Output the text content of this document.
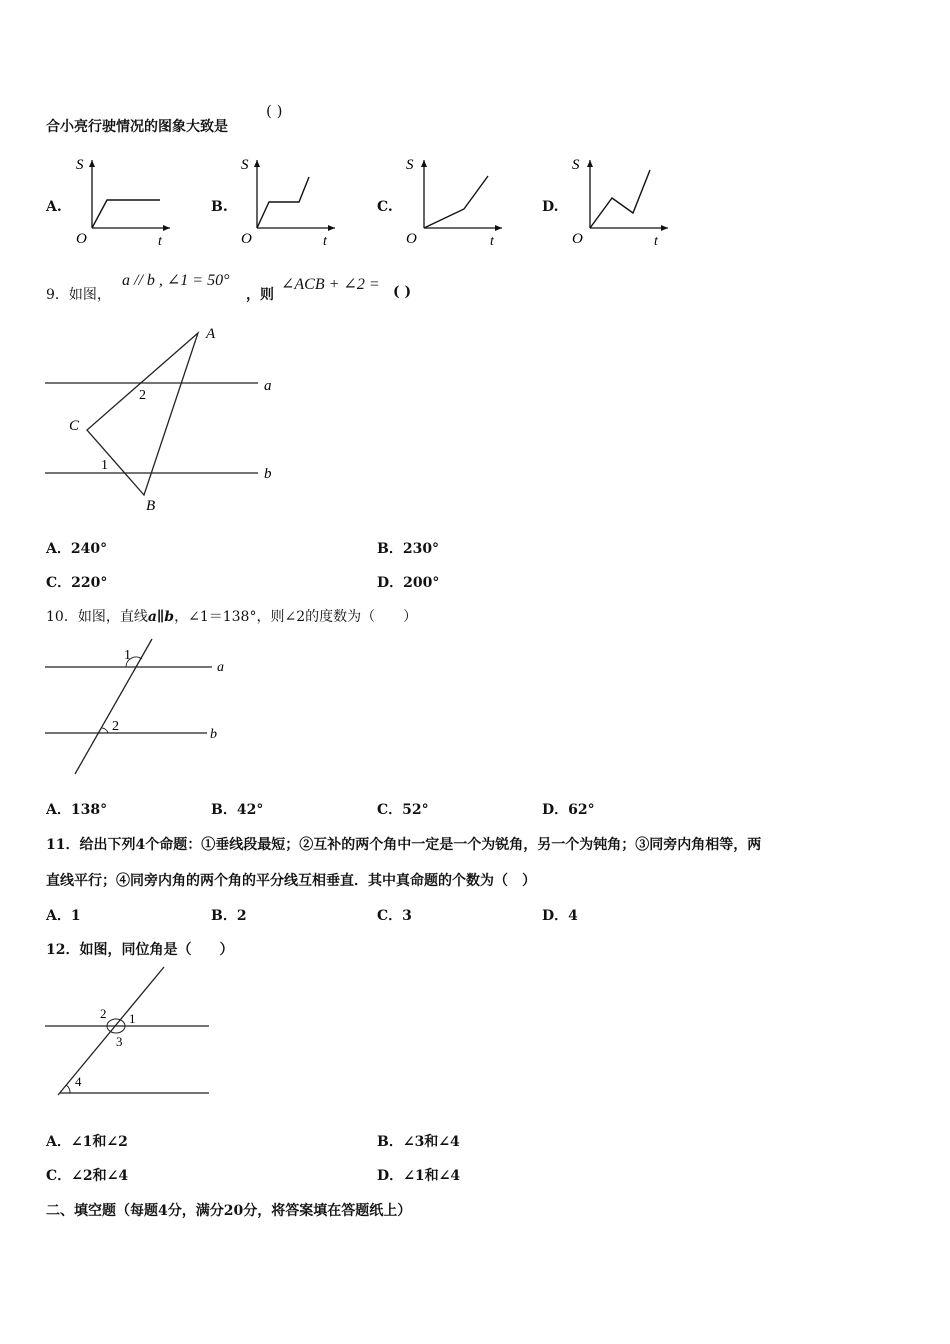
合小亮行驶情况的图象大致是
( )
A.
S
O	t
B.
S
O	t
C.
S
O	t
D.
S
O	t
9．如图，
a // b , ∠1 = 50°
，则
∠ACB + ∠2 = ( )
A
B
C
a
b
1
2
A．240°	B．230°
C．220°	D．200°
10．如图，直线a∥b，∠1＝138°，则∠2的度数为（　　）
1
2
a
b
A．138°	B．42°	C．52°	D．62°
11．给出下列4个命题：①垂线段最短；②互补的两个角中一定是一个为锐角，另一个为钝角；③同旁内角相等，两
直线平行；④同旁内角的两个角的平分线互相垂直．其中真命题的个数为（　）
A．1	B．2	C．3	D．4
12．如图，同位角是（　　）
2 1
3
4
A．∠1和∠2	B．∠3和∠4
C．∠2和∠4	D．∠1和∠4
二、填空题（每题4分，满分20分，将答案填在答题纸上）
